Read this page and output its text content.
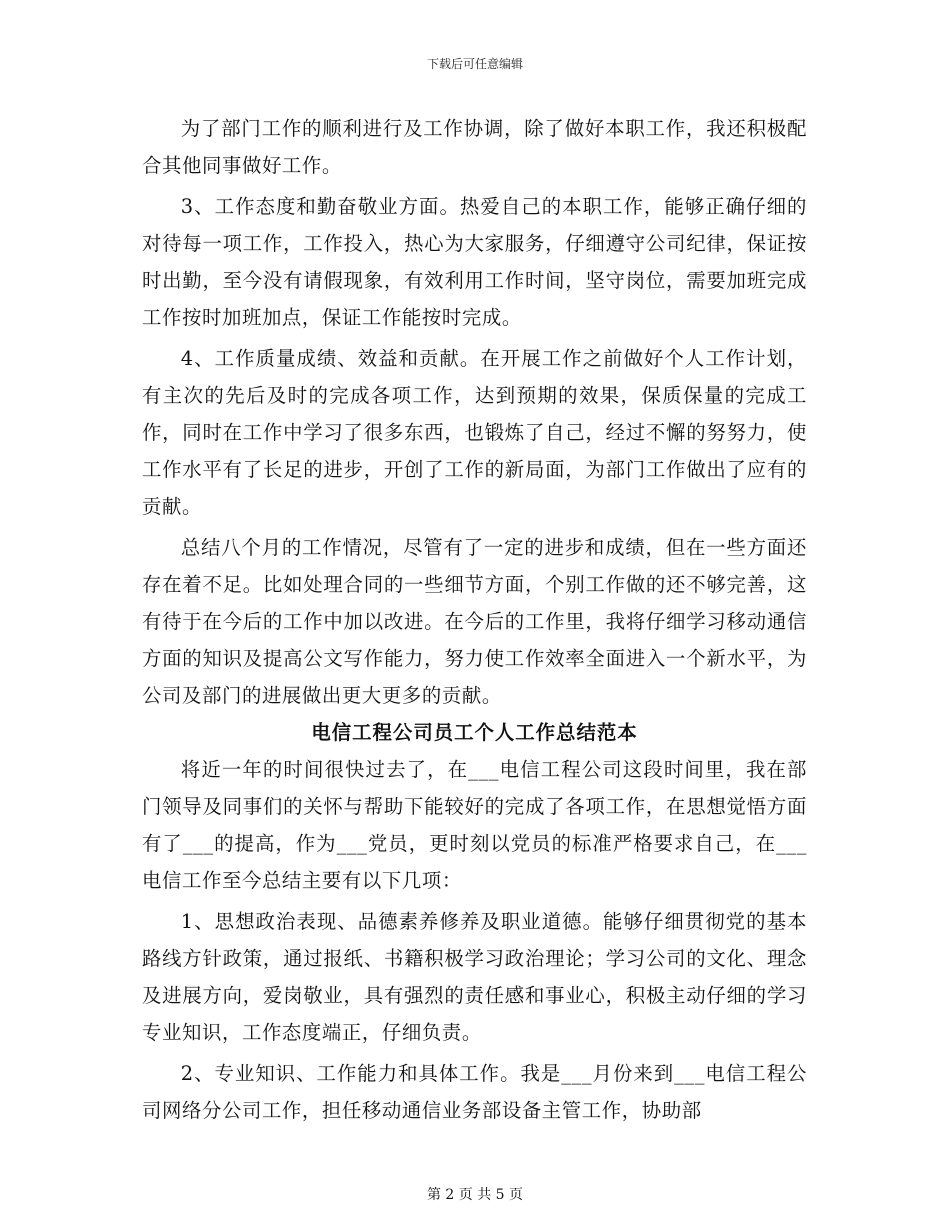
下载后可任意编辑

为了部门工作的顺利进行及工作协调，除了做好本职工作，我还积极配合其他同事做好工作。

3、工作态度和勤奋敬业方面。热爱自己的本职工作，能够正确仔细的对待每一项工作，工作投入，热心为大家服务，仔细遵守公司纪律，保证按时出勤，至今没有请假现象，有效利用工作时间，坚守岗位，需要加班完成工作按时加班加点，保证工作能按时完成。

4、工作质量成绩、效益和贡献。在开展工作之前做好个人工作计划，有主次的先后及时的完成各项工作，达到预期的效果，保质保量的完成工作，同时在工作中学习了很多东西，也锻炼了自己，经过不懈的努努力，使工作水平有了长足的进步，开创了工作的新局面，为部门工作做出了应有的贡献。

总结八个月的工作情况，尽管有了一定的进步和成绩，但在一些方面还存在着不足。比如处理合同的一些细节方面，个别工作做的还不够完善，这有待于在今后的工作中加以改进。在今后的工作里，我将仔细学习移动通信方面的知识及提高公文写作能力，努力使工作效率全面进入一个新水平，为公司及部门的进展做出更大更多的贡献。

电信工程公司员工个人工作总结范本

将近一年的时间很快过去了，在___电信工程公司这段时间里，我在部门领导及同事们的关怀与帮助下能较好的完成了各项工作，在思想觉悟方面有了___的提高，作为___党员，更时刻以党员的标准严格要求自己，在___电信工作至今总结主要有以下几项：

1、思想政治表现、品德素养修养及职业道德。能够仔细贯彻党的基本路线方针政策，通过报纸、书籍积极学习政治理论；学习公司的文化、理念及进展方向，爱岗敬业，具有强烈的责任感和事业心，积极主动仔细的学习专业知识，工作态度端正，仔细负责。

2、专业知识、工作能力和具体工作。我是___月份来到___电信工程公司网络分公司工作，担任移动通信业务部设备主管工作，协助部

第 2 页 共 5 页
